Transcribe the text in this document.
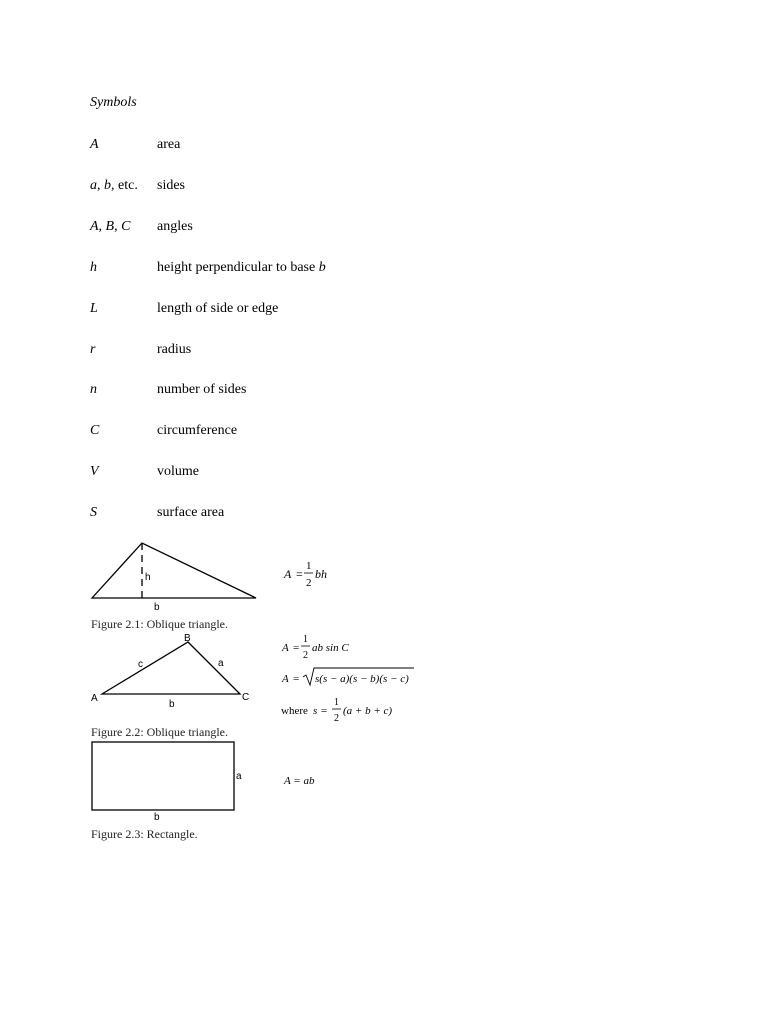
Symbols
A	area
a, b, etc.	sides
A, B, C	angles
h	height perpendicular to base b
L	length of side or edge
r	radius
n	number of sides
C	circumference
V	volume
S	surface area
h
b
A =
1
2
bh
Figure 2.1: Oblique triangle.
B
A	C
c	a
b
A =
1
2
ab sin C
A = s(s − a)(s − b)(s − c)
where s =
1
2
(a + b + c)
Figure 2.2: Oblique triangle.
a
b
A = ab
Figure 2.3: Rectangle.
